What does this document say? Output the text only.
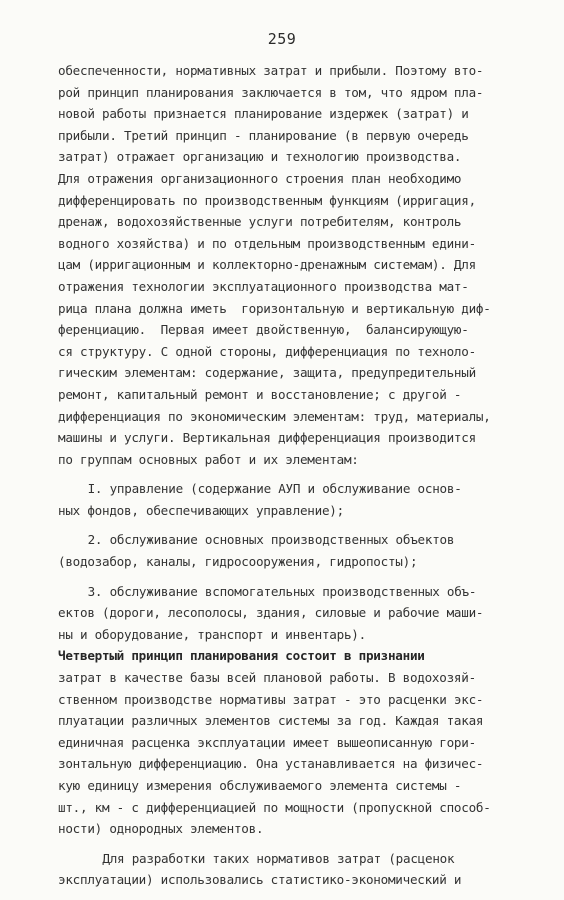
259
обеспеченности, нормативных затрат и прибыли. Поэтому вто-
рой принцип планирования заключается в том, что ядром пла-
новой работы признается планирование издержек (затрат) и
прибыли. Третий принцип - планирование (в первую очередь
затрат) отражает организацию и технологию производства.
Для отражения организационного строения план необходимо
дифференцировать по производственным функциям (ирригация,
дренаж, водохозяйственные услуги потребителям, контроль
водного хозяйства) и по отдельным производственным едини-
цам (ирригационным и коллекторно-дренажным системам). Для
отражения технологии эксплуатационного производства мат-
рица плана должна иметь  горизонтальную и вертикальную диф-
ференциацию.  Первая имеет двойственную,  балансирующую-
ся структуру. С одной стороны, дифференциация по техноло-
гическим элементам: содержание, защита, предупредительный
ремонт, капитальный ремонт и восстановление; с другой -
дифференциация по экономическим элементам: труд, материалы,
машины и услуги. Вертикальная дифференциация производится
по группам основных работ и их элементам:
I. управление (содержание АУП и обслуживание основ-
ных фондов, обеспечивающих управление);
2. обслуживание основных производственных объектов
(водозабор, каналы, гидросооружения, гидропосты);
3. обслуживание вспомогательных производственных объ-
ектов (дороги, лесополосы, здания, силовые и рабочие маши-
ны и оборудование, транспорт и инвентарь).
Четвертый принцип планирования состоит в признании
затрат в качестве базы всей плановой работы. В водохозяй-
ственном производстве нормативы затрат - это расценки экс-
плуатации различных элементов системы за год. Каждая такая
единичная расценка эксплуатации имеет вышеописанную гори-
зонтальную дифференциацию. Она устанавливается на физичес-
кую единицу измерения обслуживаемого элемента системы -
шт., км - с дифференциацией по мощности (пропускной способ-
ности) однородных элементов.
Для разработки таких нормативов затрат (расценок
эксплуатации) использовались статистико-экономический и
